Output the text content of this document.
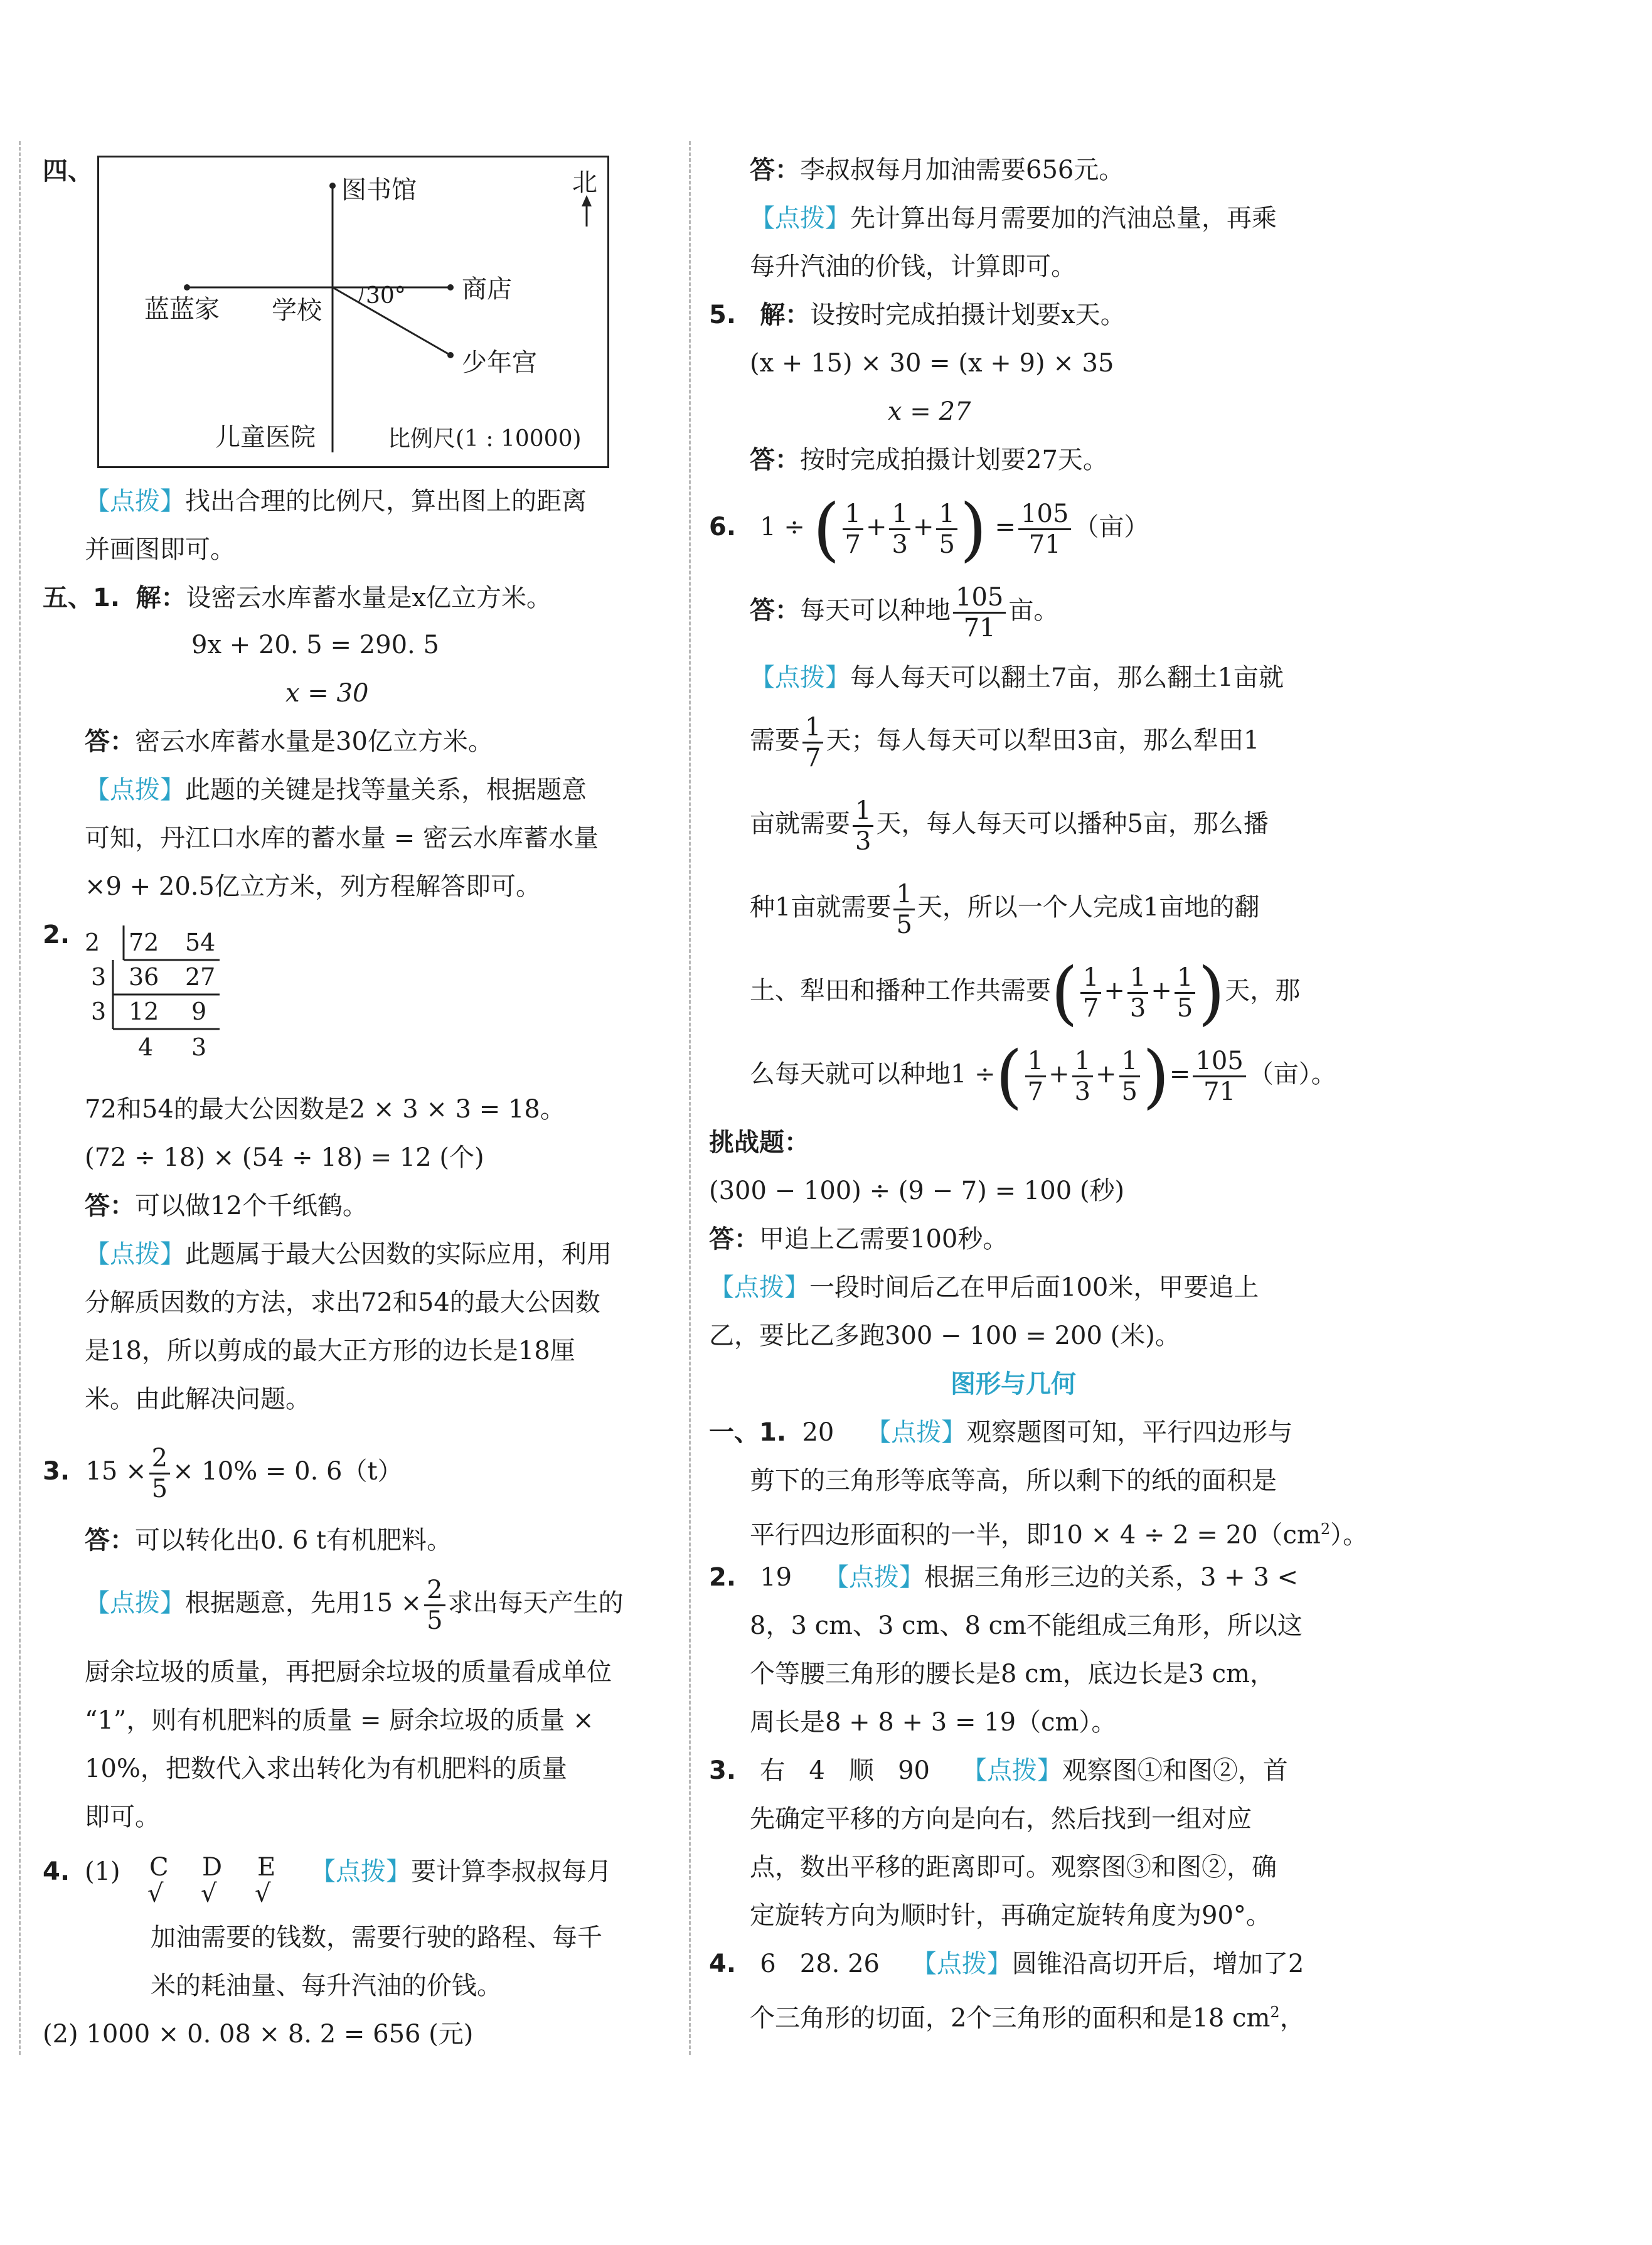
四、
图书馆	北
蓝蓝家 学校
30° 商店
少年宫
儿童医院	比例尺(1 : 10000)
【点拨】找出合理的比例尺，算出图上的距离
并画图即可。
五、1. 解：设密云水库蓄水量是x亿立方米。
9x + 20. 5 = 290. 5
x = 30
答：密云水库蓄水量是30亿立方米。
【点拨】此题的关键是找等量关系，根据题意
可知，丹江口水库的蓄水量 = 密云水库蓄水量
×9 + 20.5亿立方米，列方程解答即可。
2. 2 72 54
3 36 27
3 12 9
4 3
72和54的最大公因数是2 × 3 × 3 = 18。
(72 ÷ 18) × (54 ÷ 18) = 12 (个)
答：可以做12个千纸鹤。
【点拨】此题属于最大公因数的实际应用，利用
分解质因数的方法，求出72和54的最大公因数
是18，所以剪成的最大正方形的边长是18厘
米。由此解决问题。
3. $15 \times \frac{2}{5} \times 10\% = 0$. 6（t）
答：可以转化出0. 6 t有机肥料。
【点拨】根据题意，先用$15 \times \frac{2}{5}$ 求出每天产生的
厨余垃圾的质量，再把厨余垃圾的质量看成单位
“1”，则有机肥料的质量 = 厨余垃圾的质量 ×
10%，把数代入求出转化为有机肥料的质量
即可。
4. (1) C D E
√ √ √
【点拨】要计算李叔叔每月
加油需要的钱数，需要行驶的路程、每千
米的耗油量、每升汽油的价钱。
(2) 1000 × 0. 08 × 8. 2 = 656 (元)
答：李叔叔每月加油需要656元。
【点拨】先计算出每月需要加的汽油总量，再乘
每升汽油的价钱，计算即可。
5. 解：设按时完成拍摄计划要x天。
(x + 15) × 30 = (x + 9) × 35
x = 27
答：按时完成拍摄计划要27天。
6. 1 ÷ ( $\frac{1}{7} + \frac{1}{3} + \frac{1}{5}$ ) = $\frac{105}{71}$ （亩）
答：每天可以种地 $\frac{105}{71}$ 亩。
【点拨】每人每天可以翻土7亩，那么翻土1亩就
需要 $\frac{1}{7}$ 天；每人每天可以犁田3亩，那么犁田1
亩就需要 $\frac{1}{3}$ 天，每人每天可以播种5亩，那么播
种1亩就需要 $\frac{1}{5}$ 天，所以一个人完成1亩地的翻
土、犁田和播种工作共需要( $\frac{1}{7} + \frac{1}{3} + \frac{1}{5}$ )天，那
么每天就可以种地1 ÷( $\frac{1}{7} + \frac{1}{3} + \frac{1}{5}$ )= $\frac{105}{71}$ （亩）。
挑战题：
(300 − 100) ÷ (9 − 7) = 100 (秒)
答：甲追上乙需要100秒。
【点拨】一段时间后乙在甲后面100米，甲要追上
乙，要比乙多跑300 − 100 = 200 (米)。
图形与几何
一、1. 20 【点拨】观察题图可知，平行四边形与
剪下的三角形等底等高，所以剩下的纸的面积是
平行四边形面积的一半，即$10 \times 4 \div 2 = 20(cm^2)$。
2. 19 【点拨】根据三角形三边的关系，3 + 3 <
8，3 cm、3 cm、8 cm不能组成三角形，所以这
个等腰三角形的腰长是8 cm，底边长是3 cm，
周长是8 + 8 + 3 = 19（cm）。
3. 右   4   顺   90 【点拨】观察图①和图②，首
先确定平移的方向是向右，然后找到一组对应
点，数出平移的距离即可。观察图③和图②，确
定旋转方向为顺时针，再确定旋转角度为90°。
4. 6   28. 26 【点拨】圆锥沿高切开后，增加了2
个三角形的切面，2个三角形的面积和是18 $cm^2$，
